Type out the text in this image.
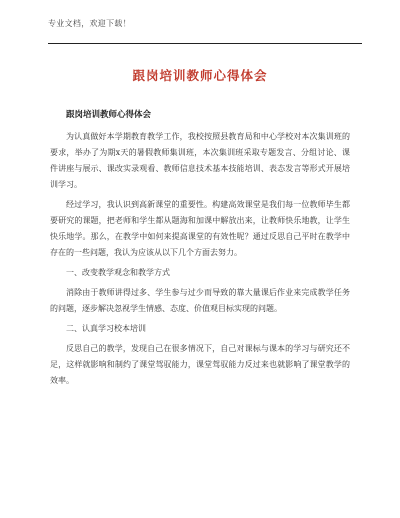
专业文档，欢迎下载！
跟岗培训教师心得体会
跟岗培训教师心得体会

为认真做好本学期教育教学工作，我校按照县教育局和中心学校对本次集训班的要求，举办了为期x天的暑假教师集训班，本次集训班采取专题发言、分组讨论、课件讲座与展示、课改实录观看、教师信息技术基本技能培训、表态发言等形式开展培训学习。

经过学习，我认识到高新课堂的重要性。构建高效课堂是我们每一位教师毕生都要研究的课题，把老师和学生都从题海和加课中解放出来，让教师快乐地教，让学生快乐地学。那么，在教学中如何来提高课堂的有效性呢？通过反思自己平时在教学中存在的一些问题，我认为应该从以下几个方面去努力。

一、改变教学观念和教学方式

消除由于教师讲得过多、学生参与过少而导致的靠大量课后作业来完成教学任务的问题，逐步解决忽视学生情感、态度、价值观目标实现的问题。

二、认真学习校本培训

反思自己的教学，发现自己在很多情况下，自己对课标与课本的学习与研究还不足，这样就影响和制约了课堂驾驭能力，课堂驾驭能力反过来也就影响了课堂教学的效率。
